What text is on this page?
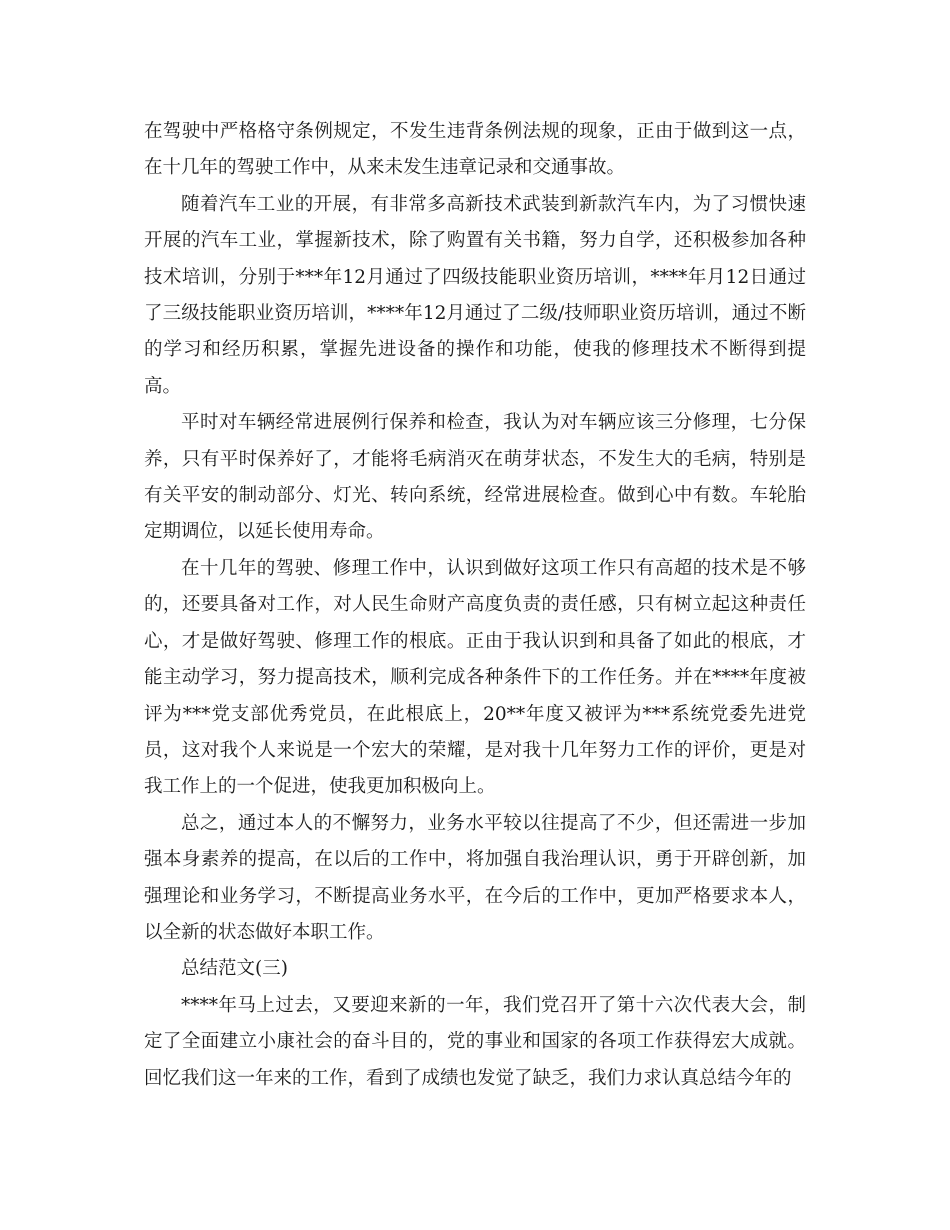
在驾驶中严格格守条例规定，不发生违背条例法规的现象，正由于做到这一点，在十几年的驾驶工作中，从来未发生违章记录和交通事故。

随着汽车工业的开展，有非常多高新技术武装到新款汽车内，为了习惯快速开展的汽车工业，掌握新技术，除了购置有关书籍，努力自学，还积极参加各种技术培训，分别于***年12月通过了四级技能职业资历培训，****年月12日通过了三级技能职业资历培训，****年12月通过了二级/技师职业资历培训，通过不断的学习和经历积累，掌握先进设备的操作和功能，使我的修理技术不断得到提高。

平时对车辆经常进展例行保养和检查，我认为对车辆应该三分修理，七分保养，只有平时保养好了，才能将毛病消灭在萌芽状态，不发生大的毛病，特别是有关平安的制动部分、灯光、转向系统，经常进展检查。做到心中有数。车轮胎定期调位，以延长使用寿命。

在十几年的驾驶、修理工作中，认识到做好这项工作只有高超的技术是不够的，还要具备对工作，对人民生命财产高度负责的责任感，只有树立起这种责任心，才是做好驾驶、修理工作的根底。正由于我认识到和具备了如此的根底，才能主动学习，努力提高技术，顺利完成各种条件下的工作任务。并在****年度被评为***党支部优秀党员，在此根底上，20**年度又被评为***系统党委先进党员，这对我个人来说是一个宏大的荣耀，是对我十几年努力工作的评价，更是对我工作上的一个促进，使我更加积极向上。

总之，通过本人的不懈努力，业务水平较以往提高了不少，但还需进一步加强本身素养的提高，在以后的工作中，将加强自我治理认识，勇于开辟创新，加强理论和业务学习，不断提高业务水平，在今后的工作中，更加严格要求本人，以全新的状态做好本职工作。

总结范文(三)

****年马上过去，又要迎来新的一年，我们党召开了第十六次代表大会，制定了全面建立小康社会的奋斗目的，党的事业和国家的各项工作获得宏大成就。回忆我们这一年来的工作，看到了成绩也发觉了缺乏，我们力求认真总结今年的
